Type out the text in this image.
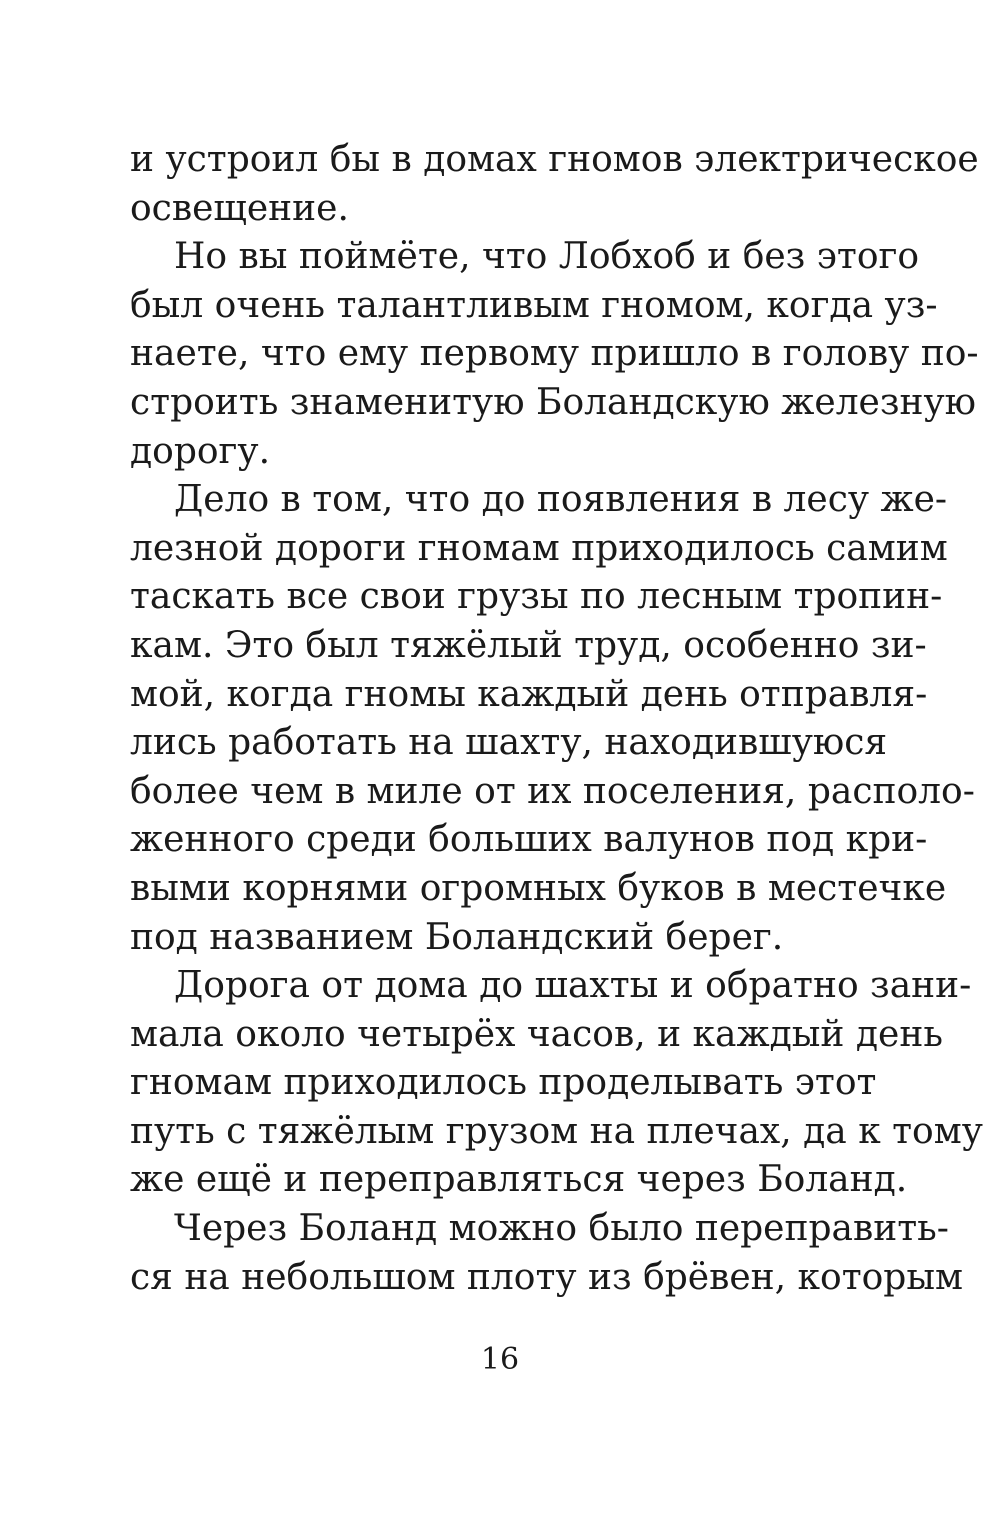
и устроил бы в домах гномов электрическое
освещение.
Но вы поймёте, что Лобхоб и без этого
был очень талантливым гномом, когда уз-
наете, что ему первому пришло в голову по-
строить знаменитую Боландскую железную
дорогу.
Дело в том, что до появления в лесу же-
лезной дороги гномам приходилось самим
таскать все свои грузы по лесным тропин-
кам. Это был тяжёлый труд, особенно зи-
мой, когда гномы каждый день отправля-
лись работать на шахту, находившуюся
более чем в миле от их поселения, располо-
женного среди больших валунов под кри-
выми корнями огромных буков в местечке
под названием Боландский берег.
Дорога от дома до шахты и обратно зани-
мала около четырёх часов, и каждый день
гномам приходилось проделывать этот
путь с тяжёлым грузом на плечах, да к тому
же ещё и переправляться через Боланд.
Через Боланд можно было переправить-
ся на небольшом плоту из брёвен, которым
16
